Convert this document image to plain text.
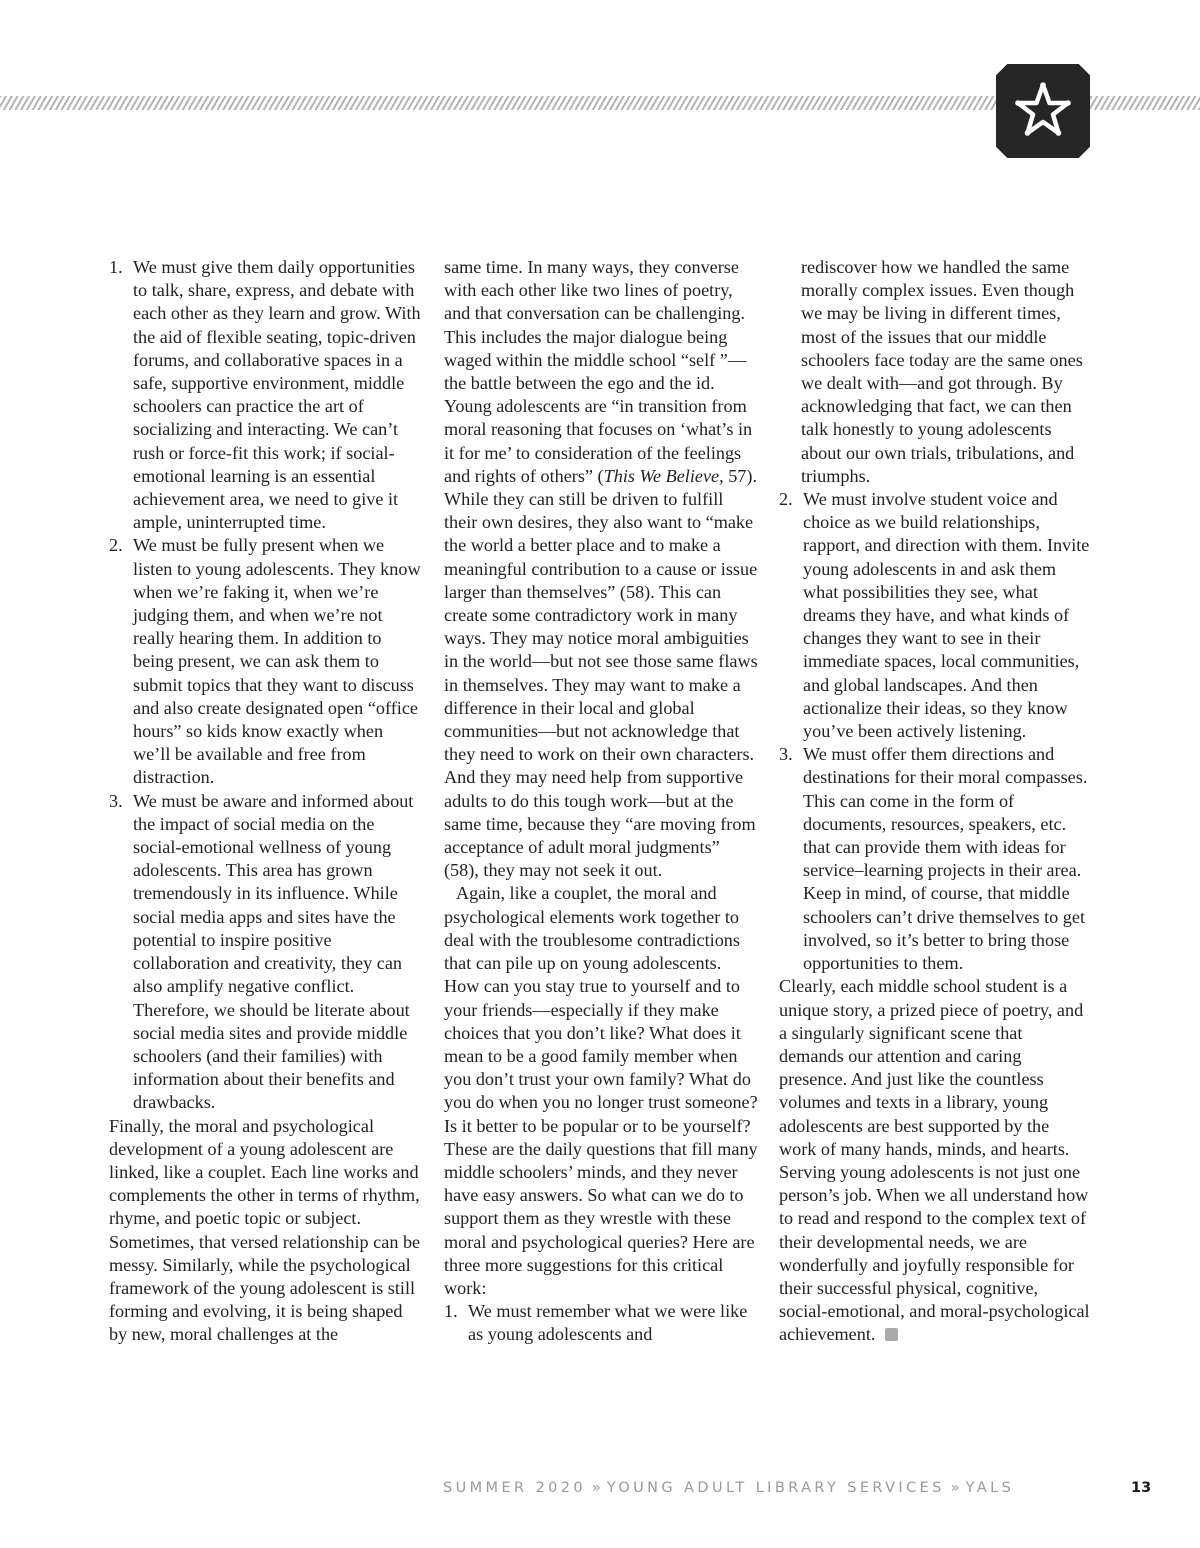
1. We must give them daily opportunities to talk, share, express, and debate with each other as they learn and grow. With the aid of flexible seating, topic-driven forums, and collaborative spaces in a safe, supportive environment, middle schoolers can practice the art of socializing and interacting. We can’t rush or force-fit this work; if social-emotional learning is an essential achievement area, we need to give it ample, uninterrupted time.
2. We must be fully present when we listen to young adolescents. They know when we’re faking it, when we’re judging them, and when we’re not really hearing them. In addition to being present, we can ask them to submit topics that they want to discuss and also create designated open “office hours” so kids know exactly when we’ll be available and free from distraction.
3. We must be aware and informed about the impact of social media on the social-emotional wellness of young adolescents. This area has grown tremendously in its influence. While social media apps and sites have the potential to inspire positive collaboration and creativity, they can also amplify negative conflict. Therefore, we should be literate about social media sites and provide middle schoolers (and their families) with information about their benefits and drawbacks.

Finally, the moral and psychological development of a young adolescent are linked, like a couplet. Each line works and complements the other in terms of rhythm, rhyme, and poetic topic or subject. Sometimes, that versed relationship can be messy. Similarly, while the psychological framework of the young adolescent is still forming and evolving, it is being shaped by new, moral challenges at the

same time. In many ways, they converse with each other like two lines of poetry, and that conversation can be challenging. This includes the major dialogue being waged within the middle school “self ”—the battle between the ego and the id. Young adolescents are “in transition from moral reasoning that focuses on ‘what’s in it for me’ to consideration of the feelings and rights of others” (This We Believe, 57). While they can still be driven to fulfill their own desires, they also want to “make the world a better place and to make a meaningful contribution to a cause or issue larger than themselves” (58). This can create some contradictory work in many ways. They may notice moral ambiguities in the world—but not see those same flaws in themselves. They may want to make a difference in their local and global communities—but not acknowledge that they need to work on their own characters. And they may need help from supportive adults to do this tough work—but at the same time, because they “are moving from acceptance of adult moral judgments” (58), they may not seek it out.

Again, like a couplet, the moral and psychological elements work together to deal with the troublesome contradictions that can pile up on young adolescents. How can you stay true to yourself and to your friends—especially if they make choices that you don’t like? What does it mean to be a good family member when you don’t trust your own family? What do you do when you no longer trust someone? Is it better to be popular or to be yourself? These are the daily questions that fill many middle schoolers’ minds, and they never have easy answers. So what can we do to support them as they wrestle with these moral and psychological queries? Here are three more suggestions for this critical work:

1. We must remember what we were like as young adolescents and

rediscover how we handled the same morally complex issues. Even though we may be living in different times, most of the issues that our middle schoolers face today are the same ones we dealt with—and got through. By acknowledging that fact, we can then talk honestly to young adolescents about our own trials, tribulations, and triumphs.

2. We must involve student voice and choice as we build relationships, rapport, and direction with them. Invite young adolescents in and ask them what possibilities they see, what dreams they have, and what kinds of changes they want to see in their immediate spaces, local communities, and global landscapes. And then actionalize their ideas, so they know you’ve been actively listening.
3. We must offer them directions and destinations for their moral compasses. This can come in the form of documents, resources, speakers, etc. that can provide them with ideas for service–learning projects in their area. Keep in mind, of course, that middle schoolers can’t drive themselves to get involved, so it’s better to bring those opportunities to them.

Clearly, each middle school student is a unique story, a prized piece of poetry, and a singularly significant scene that demands our attention and caring presence. And just like the countless volumes and texts in a library, young adolescents are best supported by the work of many hands, minds, and hearts. Serving young adolescents is not just one person’s job. When we all understand how to read and respond to the complex text of their developmental needs, we are wonderfully and joyfully responsible for their successful physical, cognitive, social-emotional, and moral-psychological achievement.

SUMMER 2020 » YOUNG ADULT LIBRARY SERVICES » YALS	13
